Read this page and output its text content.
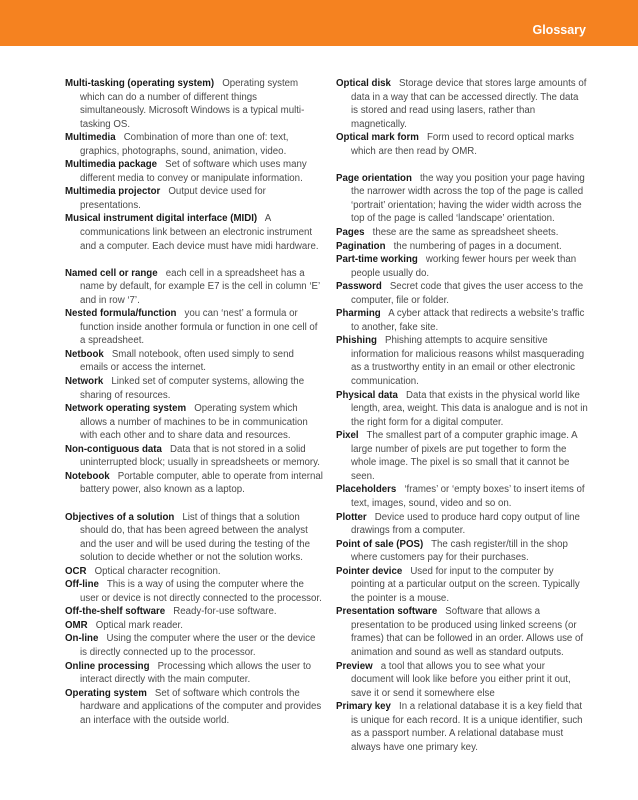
Glossary

Multi-tasking (operating system) Operating system which can do a number of different things simultaneously. Microsoft Windows is a typical multi-tasking OS.

Multimedia Combination of more than one of: text, graphics, photographs, sound, animation, video.

Multimedia package Set of software which uses many different media to convey or manipulate information.

Multimedia projector Output device used for presentations.

Musical instrument digital interface (MIDI) A communications link between an electronic instrument and a computer. Each device must have midi hardware.

Named cell or range each cell in a spreadsheet has a name by default, for example E7 is the cell in column ‘E’ and in row ‘7’.

Nested formula/function you can ‘nest’ a formula or function inside another formula or function in one cell of a spreadsheet.

Netbook Small notebook, often used simply to send emails or access the internet.

Network Linked set of computer systems, allowing the sharing of resources.

Network operating system Operating system which allows a number of machines to be in communication with each other and to share data and resources.

Non-contiguous data Data that is not stored in a solid uninterrupted block; usually in spreadsheets or memory.

Notebook Portable computer, able to operate from internal battery power, also known as a laptop.

Objectives of a solution List of things that a solution should do, that has been agreed between the analyst and the user and will be used during the testing of the solution to decide whether or not the solution works.

OCR Optical character recognition.

Off-line This is a way of using the computer where the user or device is not directly connected to the processor.

Off-the-shelf software Ready-for-use software.

OMR Optical mark reader.

On-line Using the computer where the user or the device is directly connected up to the processor.

Online processing Processing which allows the user to interact directly with the main computer.

Operating system Set of software which controls the hardware and applications of the computer and provides an interface with the outside world.

Optical disk Storage device that stores large amounts of data in a way that can be accessed directly. The data is stored and read using lasers, rather than magnetically.

Optical mark form Form used to record optical marks which are then read by OMR.

Page orientation the way you position your page having the narrower width across the top of the page is called ‘portrait’ orientation; having the wider width across the top of the page is called ‘landscape’ orientation.

Pages these are the same as spreadsheet sheets.

Pagination the numbering of pages in a document.

Part-time working working fewer hours per week than people usually do.

Password Secret code that gives the user access to the computer, file or folder.

Pharming A cyber attack that redirects a website’s traffic to another, fake site.

Phishing Phishing attempts to acquire sensitive information for malicious reasons whilst masquerading as a trustworthy entity in an email or other electronic communication.

Physical data Data that exists in the physical world like length, area, weight. This data is analogue and is not in the right form for a digital computer.

Pixel The smallest part of a computer graphic image. A large number of pixels are put together to form the whole image. The pixel is so small that it cannot be seen.

Placeholders ‘frames’ or ‘empty boxes’ to insert items of text, images, sound, video and so on.

Plotter Device used to produce hard copy output of line drawings from a computer.

Point of sale (POS) The cash register/till in the shop where customers pay for their purchases.

Pointer device Used for input to the computer by pointing at a particular output on the screen. Typically the pointer is a mouse.

Presentation software Software that allows a presentation to be produced using linked screens (or frames) that can be followed in an order. Allows use of animation and sound as well as standard outputs.

Preview a tool that allows you to see what your document will look like before you either print it out, save it or send it somewhere else

Primary key In a relational database it is a key field that is unique for each record. It is a unique identifier, such as a passport number. A relational database must always have one primary key.
